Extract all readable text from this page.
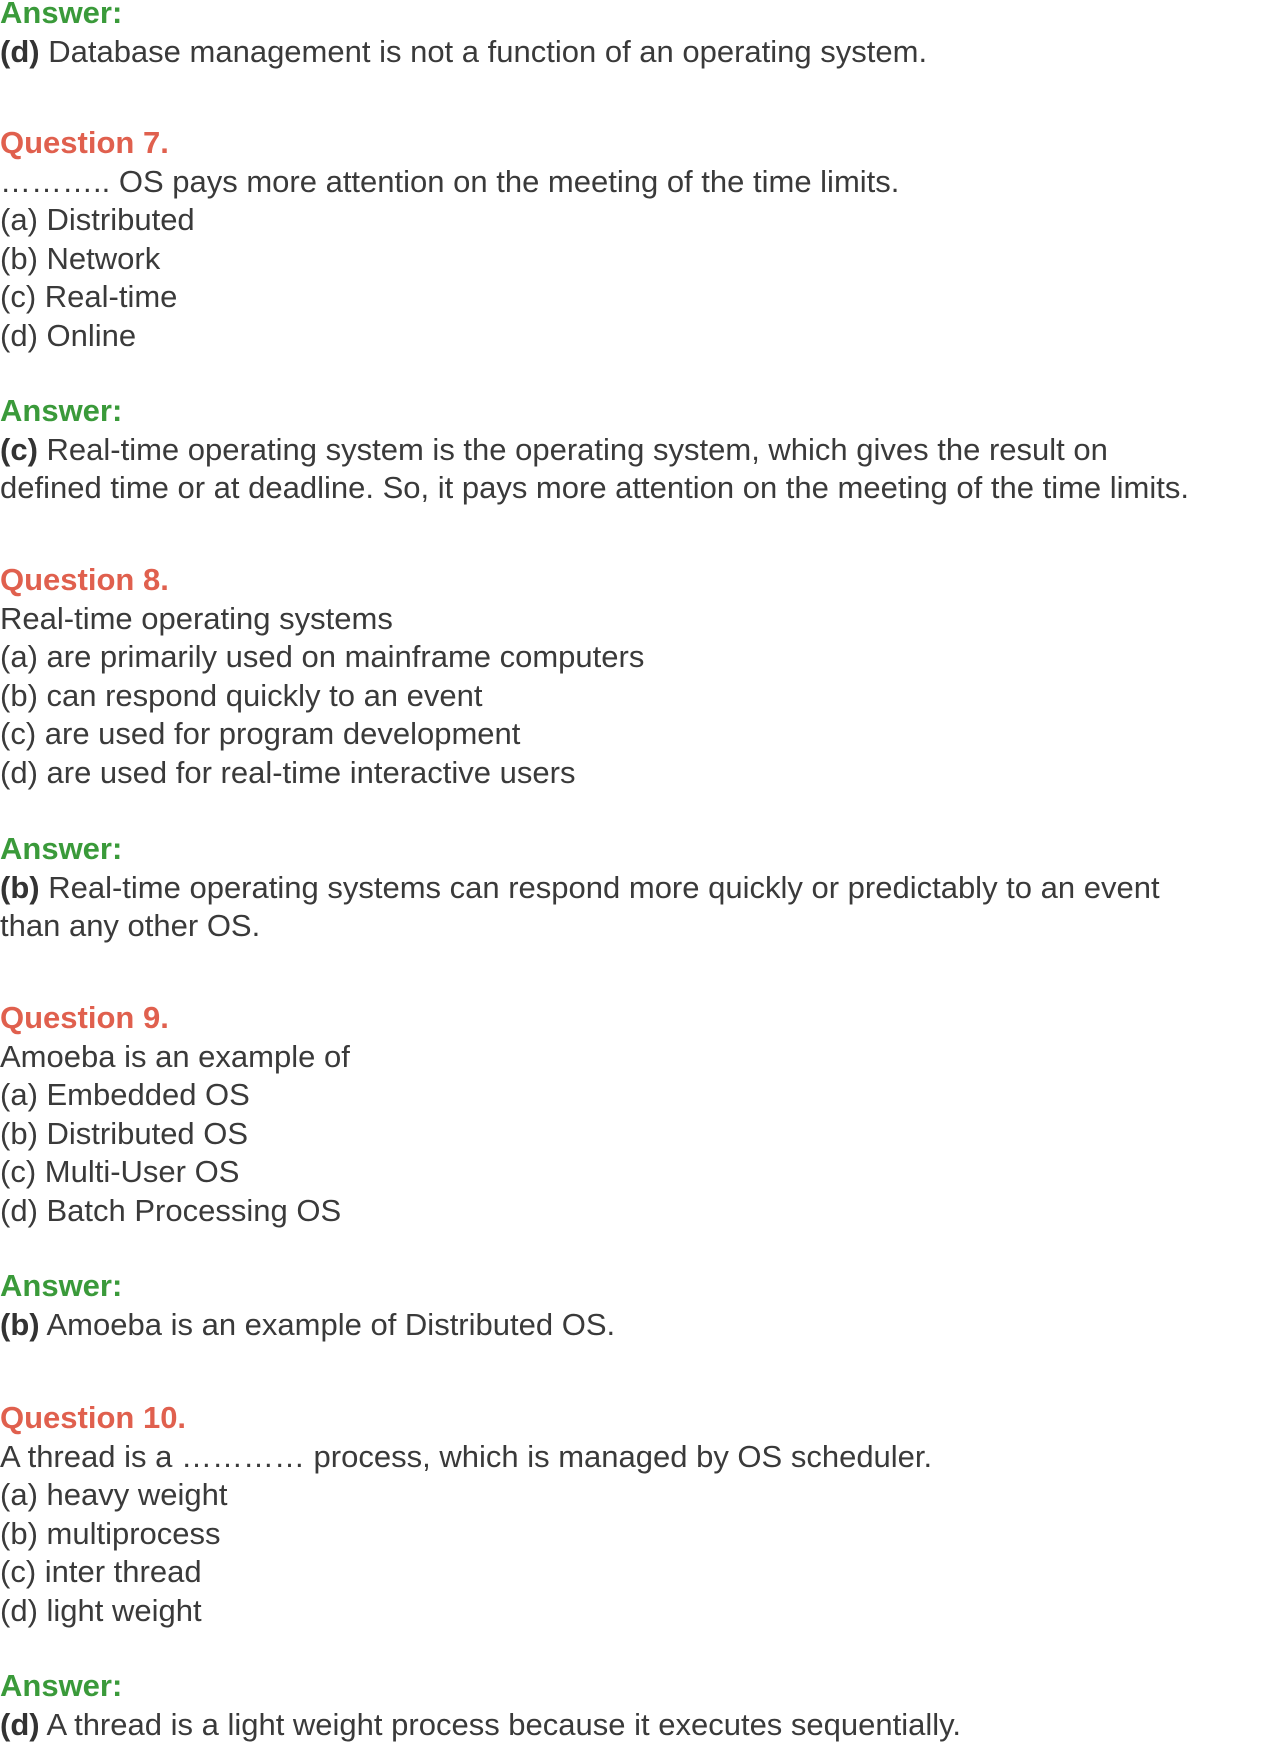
Answer:
(d) Database management is not a function of an operating system.
Question 7.
……….. OS pays more attention on the meeting of the time limits.
(a) Distributed
(b) Network
(c) Real-time
(d) Online
Answer:
(c) Real-time operating system is the operating system, which gives the result on
defined time or at deadline. So, it pays more attention on the meeting of the time limits.
Question 8.
Real-time operating systems
(a) are primarily used on mainframe computers
(b) can respond quickly to an event
(c) are used for program development
(d) are used for real-time interactive users
Answer:
(b) Real-time operating systems can respond more quickly or predictably to an event
than any other OS.
Question 9.
Amoeba is an example of
(a) Embedded OS
(b) Distributed OS
(c) Multi-User OS
(d) Batch Processing OS
Answer:
(b) Amoeba is an example of Distributed OS.
Question 10.
A thread is a ………… process, which is managed by OS scheduler.
(a) heavy weight
(b) multiprocess
(c) inter thread
(d) light weight
Answer:
(d) A thread is a light weight process because it executes sequentially.
